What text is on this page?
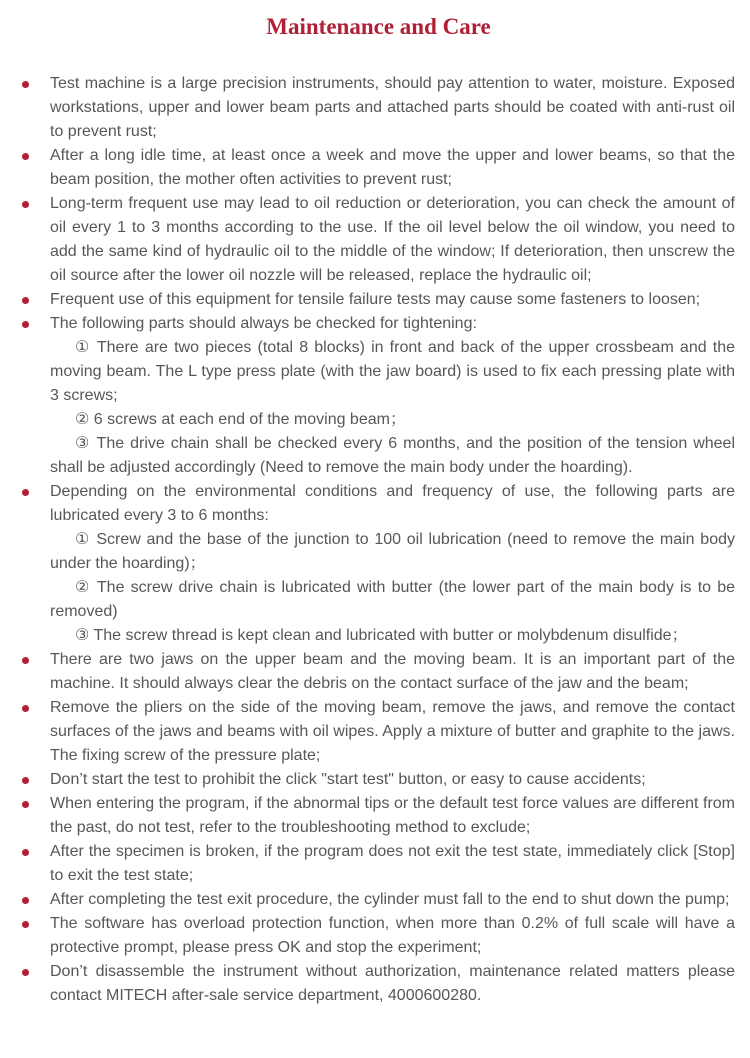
Maintenance and Care

Test machine is a large precision instruments, should pay attention to water, moisture. Exposed workstations, upper and lower beam parts and attached parts should be coated with anti-rust oil to prevent rust;

After a long idle time, at least once a week and move the upper and lower beams, so that the beam position, the mother often activities to prevent rust;

Long-term frequent use may lead to oil reduction or deterioration, you can check the amount of oil every 1 to 3 months according to the use. If the oil level below the oil window, you need to add the same kind of hydraulic oil to the middle of the window; If deterioration, then unscrew the oil source after the lower oil nozzle will be released, replace the hydraulic oil;

Frequent use of this equipment for tensile failure tests may cause some fasteners to loosen;

The following parts should always be checked for tightening:

① There are two pieces (total 8 blocks) in front and back of the upper crossbeam and the moving beam. The L type press plate (with the jaw board) is used to fix each pressing plate with 3 screws;

② 6 screws at each end of the moving beam；

③ The drive chain shall be checked every 6 months, and the position of the tension wheel shall be adjusted accordingly (Need to remove the main body under the hoarding).

Depending on the environmental conditions and frequency of use, the following parts are lubricated every 3 to 6 months:

① Screw and the base of the junction to 100 oil lubrication (need to remove the main body under the hoarding)；

② The screw drive chain is lubricated with butter (the lower part of the main body is to be removed)

③ The screw thread is kept clean and lubricated with butter or molybdenum disulfide；

There are two jaws on the upper beam and the moving beam. It is an important part of the machine. It should always clear the debris on the contact surface of the jaw and the beam;

Remove the pliers on the side of the moving beam, remove the jaws, and remove the contact surfaces of the jaws and beams with oil wipes. Apply a mixture of butter and graphite to the jaws. The fixing screw of the pressure plate;

Don’t start the test to prohibit the click "start test" button, or easy to cause accidents;

When entering the program, if the abnormal tips or the default test force values are different from the past, do not test, refer to the troubleshooting method to exclude;

After the specimen is broken, if the program does not exit the test state, immediately click [Stop] to exit the test state;

After completing the test exit procedure, the cylinder must fall to the end to shut down the pump;

The software has overload protection function, when more than 0.2% of full scale will have a protective prompt, please press OK and stop the experiment;

Don’t disassemble the instrument without authorization, maintenance related matters please contact MITECH after-sale service department, 4000600280.
